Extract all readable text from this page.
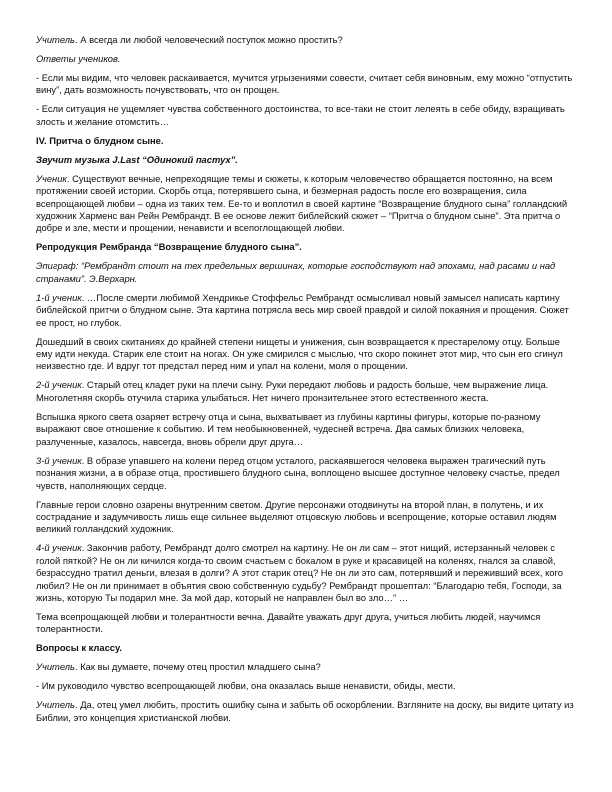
Учитель. А всегда ли любой человеческий поступок можно простить?

Ответы учеников.

- Если мы видим, что человек раскаивается, мучится угрызениями совести, считает себя виновным, ему можно “отпустить вину”, дать возможность почувствовать, что он прощен.

- Если ситуация не ущемляет чувства собственного достоинства, то все-таки не стоит лелеять в себе обиду, взращивать злость и желание отомстить…

IV. Притча о блудном сыне.

Звучит музыка J.Last “Одинокий пастух”.

Ученик. Существуют вечные, непреходящие темы и сюжеты, к которым человечество обращается постоянно, на всем протяжении своей истории. Скорбь отца, потерявшего сына, и безмерная радость после его возвращения, сила всепрощающей любви – одна из таких тем. Ее-то и воплотил в своей картине “Возвращение блудного сына” голландский художник Харменс ван Рейн Рембрандт. В ее основе лежит библейский сюжет – “Притча о блудном сыне”. Эта притча о добре и зле, мести и прощении, ненависти и всепоглощающей любви.

Репродукция Рембранда “Возвращение блудного сына”.

Эпиграф: “Рембрандт стоит на тех предельных вершинах, которые господствуют над эпохами, над расами и над странами”. Э.Верхарн.

1-й ученик. …После смерти любимой Хендрикье Стоффельс Рембрандт осмысливал новый замысел написать картину библейской притчи о блудном сыне. Эта картина потрясла весь мир своей правдой и силой покаяния и прощения. Сюжет ее прост, но глубок.

Дошедший в своих скитаниях до крайней степени нищеты и унижения, сын возвращается к престарелому отцу. Больше ему идти некуда. Старик еле стоит на ногах. Он уже смирился с мыслью, что скоро покинет этот мир, что сын его сгинул неизвестно где. И вдруг тот предстал перед ним и упал на колени, моля о прощении.

2-й ученик. Старый отец кладет руки на плечи сыну. Руки передают любовь и радость больше, чем выражение лица. Многолетняя скорбь отучила старика улыбаться. Нет ничего пронзительнее этого естественного жеста.

Вспышка яркого света озаряет встречу отца и сына, выхватывает из глубины картины фигуры, которые по-разному выражают свое отношение к событию. И тем необыкновенней, чудесней встреча. Два самых близких человека, разлученные, казалось, навсегда, вновь обрели друг друга…

3-й ученик. В образе упавшего на колени перед отцом усталого, раскаявшегося человека выражен трагический путь познания жизни, а в образе отца, простившего блудного сына, воплощено высшее доступное человеку счастье, предел чувств, наполняющих сердце.

Главные герои словно озарены внутренним светом. Другие персонажи отодвинуты на второй план, в полутень, и их сострадание и задумчивость лишь еще сильнее выделяют отцовскую любовь и всепрощение, которые оставил людям великий голландский художник.

4-й ученик. Закончив работу, Рембрандт долго смотрел на картину. Не он ли сам – этот нищий, истерзанный человек с голой пяткой? Не он ли кичился когда-то своим счастьем с бокалом в руке и красавицей на коленях, гнался за славой, безрассудно тратил деньги, влезая в долги? А этот старик отец? Не он ли это сам, потерявший и переживший всех, кого любил? Не он ли принимает в объятия свою собственную судьбу? Рембрандт прошептал: “Благодарю тебя, Господи, за жизнь, которую Ты подарил мне. За мой дар, который не направлен был во зло…” …

Тема всепрощающей любви и толерантности вечна. Давайте уважать друг друга, учиться любить людей, научимся толерантности.

Вопросы к классу.

Учитель. Как вы думаете, почему отец простил младшего сына?

- Им руководило чувство всепрощающей любви, она оказалась выше ненависти, обиды, мести.

Учитель. Да, отец умел любить, простить ошибку сына и забыть об оскорблении. Взгляните на доску, вы видите цитату из Библии, это концепция христианской любви.
